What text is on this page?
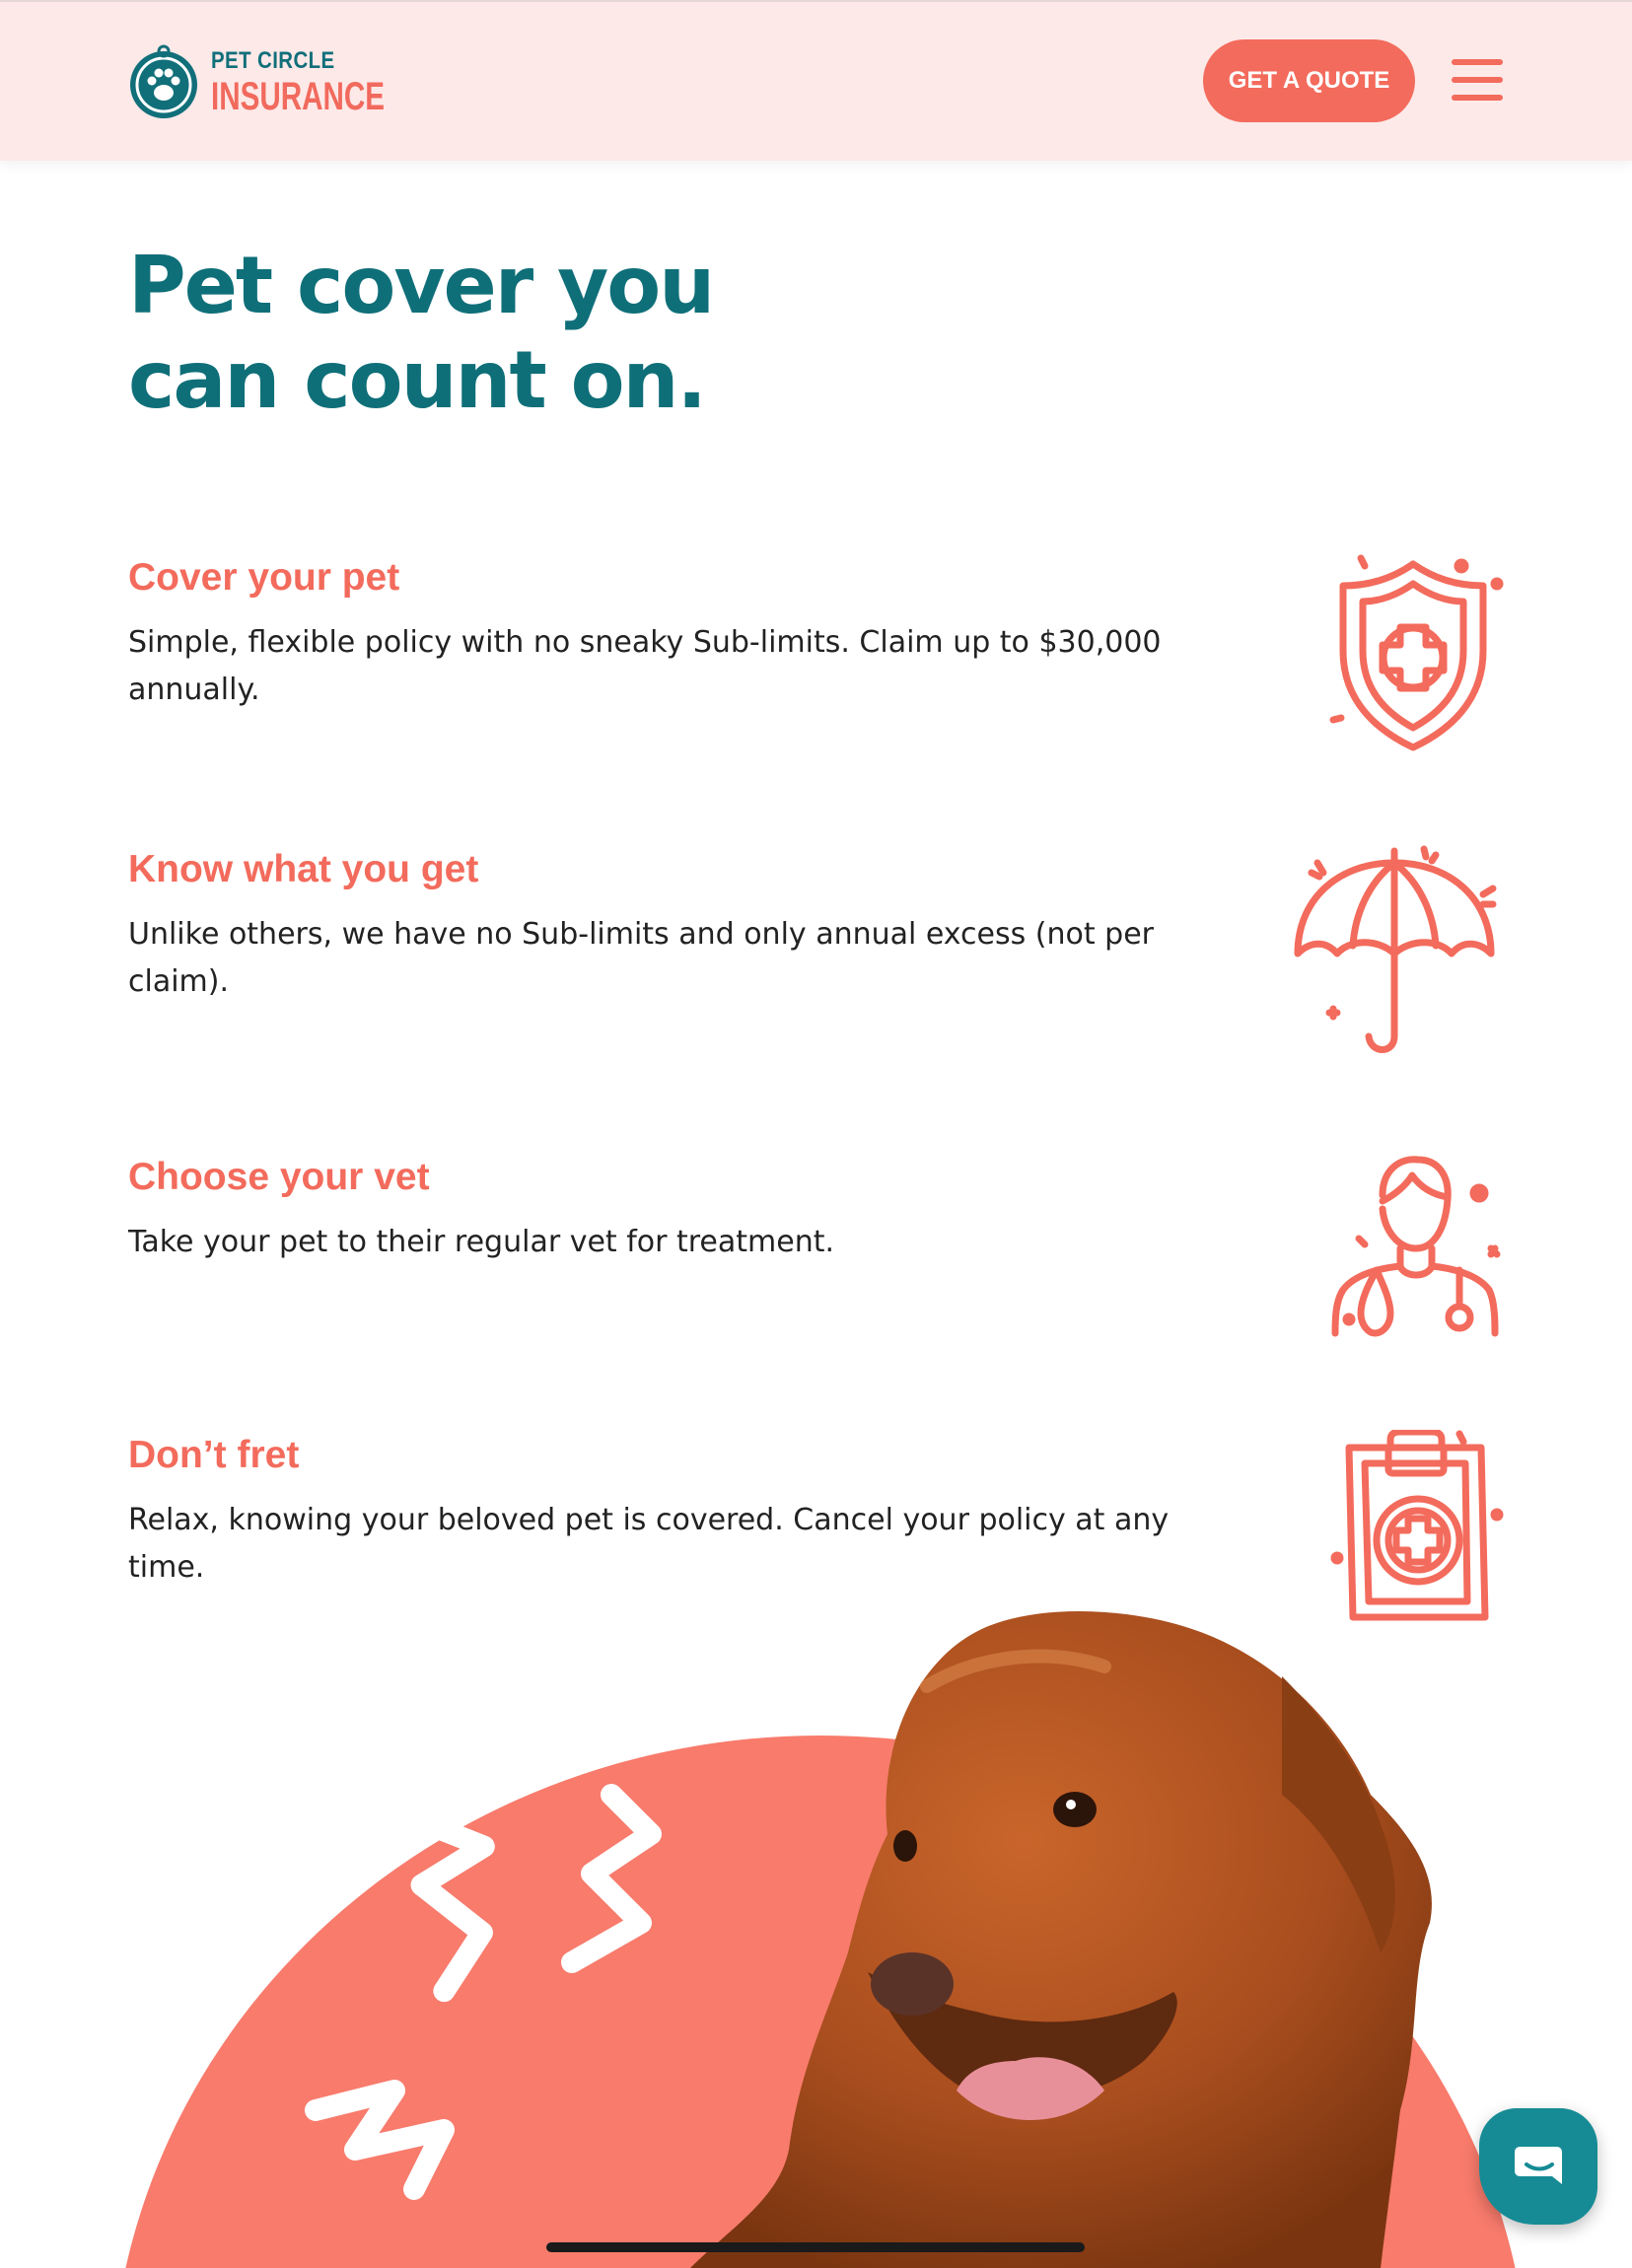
PET CIRCLE
INSURANCE	GET A QUOTE
Pet cover you
can count on.
Cover your pet

Simple, flexible policy with no sneaky Sub-limits. Claim up to $30,000 annually.

Know what you get

Unlike others, we have no Sub-limits and only annual excess (not per claim).

Choose your vet

Take your pet to their regular vet for treatment.

Don’t fret

Relax, knowing your beloved pet is covered. Cancel your policy at any time.
